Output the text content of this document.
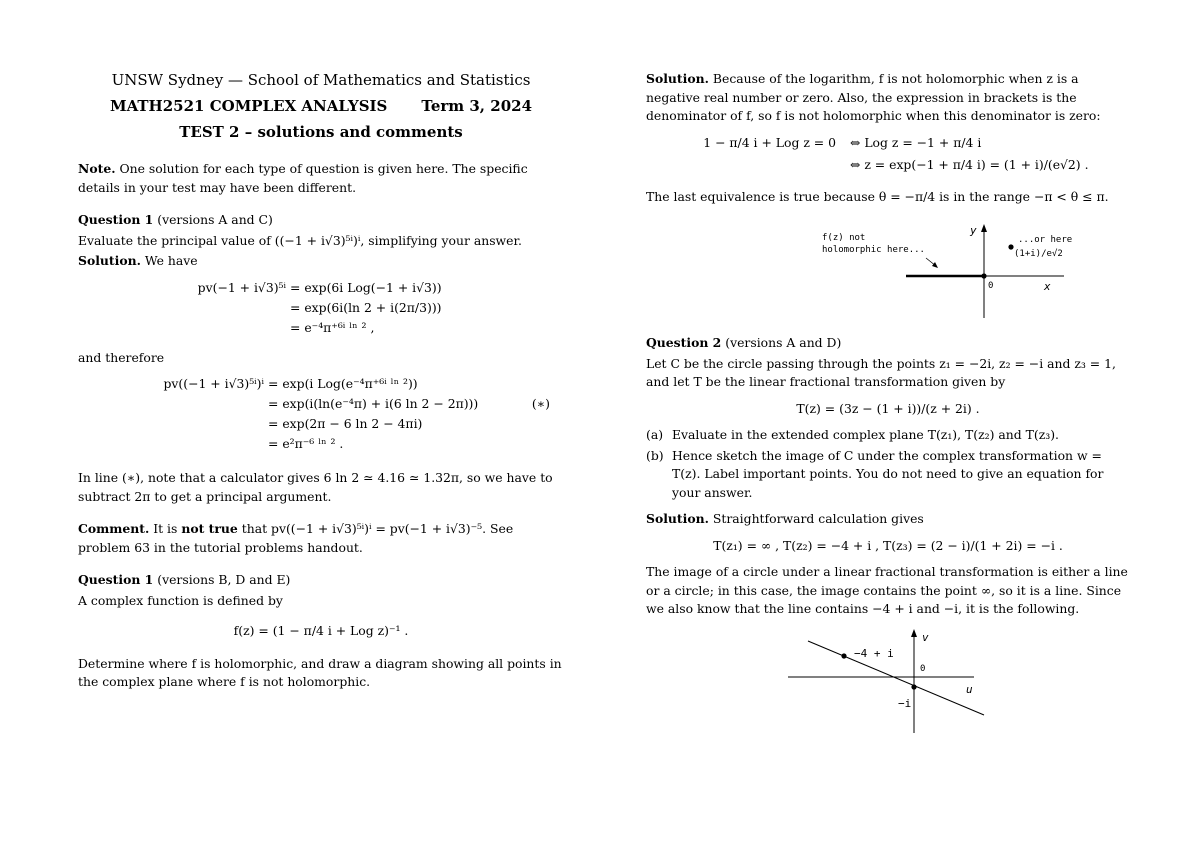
UNSW Sydney — School of Mathematics and Statistics
MATH2521 COMPLEX ANALYSIS Term 3, 2024
TEST 2 – solutions and comments

Note. One solution for each type of question is given here. The specific details in your test may have been different.

Question 1 (versions A and C)

Evaluate the principal value of ((−1 + i√3)⁵ⁱ)ⁱ, simplifying your answer.

Solution. We have

pv(−1 + i√3)⁵ⁱ = exp(6i Log(−1 + i√3))
= exp(6i(ln 2 + i(2π/3)))
= e⁻⁴π⁺⁶ⁱ ˡⁿ ² ,

and therefore

pv((−1 + i√3)⁵ⁱ)ⁱ = exp(i Log(e⁻⁴π⁺⁶ⁱ ˡⁿ ²))
= exp(i(ln(e⁻⁴π) + i(6 ln 2 − 2π)))	(∗)
= exp(2π − 6 ln 2 − 4πi)
= e²π⁻⁶ ˡⁿ ² .

In line (∗), note that a calculator gives 6 ln 2 ≃ 4.16 ≃ 1.32π, so we have to subtract 2π to get a principal argument.

Comment. It is not true that pv((−1 + i√3)⁵ⁱ)ⁱ = pv(−1 + i√3)⁻⁵. See problem 63 in the tutorial problems handout.

Question 1 (versions B, D and E)

A complex function is defined by

f(z) = (1 − π/4 i + Log z)⁻¹ .

Determine where f is holomorphic, and draw a diagram showing all points in the complex plane where f is not holomorphic.

Solution. Because of the logarithm, f is not holomorphic when z is a negative real number or zero. Also, the expression in brackets is the denominator of f, so f is not holomorphic when this denominator is zero:

1 − π/4 i + Log z = 0	⇔ Log z = −1 + π/4 i
⇔ z = exp(−1 + π/4 i) = (1 + i)/(e√2) .

The last equivalence is true because θ = −π/4 is in the range −π < θ ≤ π.

f(z) not
holomorphic here...
...or here
(1+i)/e√2
0	x
y

Question 2 (versions A and D)

Let C be the circle passing through the points z₁ = −2i, z₂ = −i and z₃ = 1, and let T be the linear fractional transformation given by

T(z) = (3z − (1 + i))/(z + 2i) .
(a) Evaluate in the extended complex plane T(z₁), T(z₂) and T(z₃).
(b) Hence sketch the image of C under the complex transformation w = T(z). Label important points. You do not need to give an equation for your answer.

Solution. Straightforward calculation gives

T(z₁) = ∞ , T(z₂) = −4 + i , T(z₃) = (2 − i)/(1 + 2i) = −i .

The image of a circle under a linear fractional transformation is either a line or a circle; in this case, the image contains the point ∞, so it is a line. Since we also know that the line contains −4 + i and −i, it is the following.

−4 + i
−i
0
u
v
